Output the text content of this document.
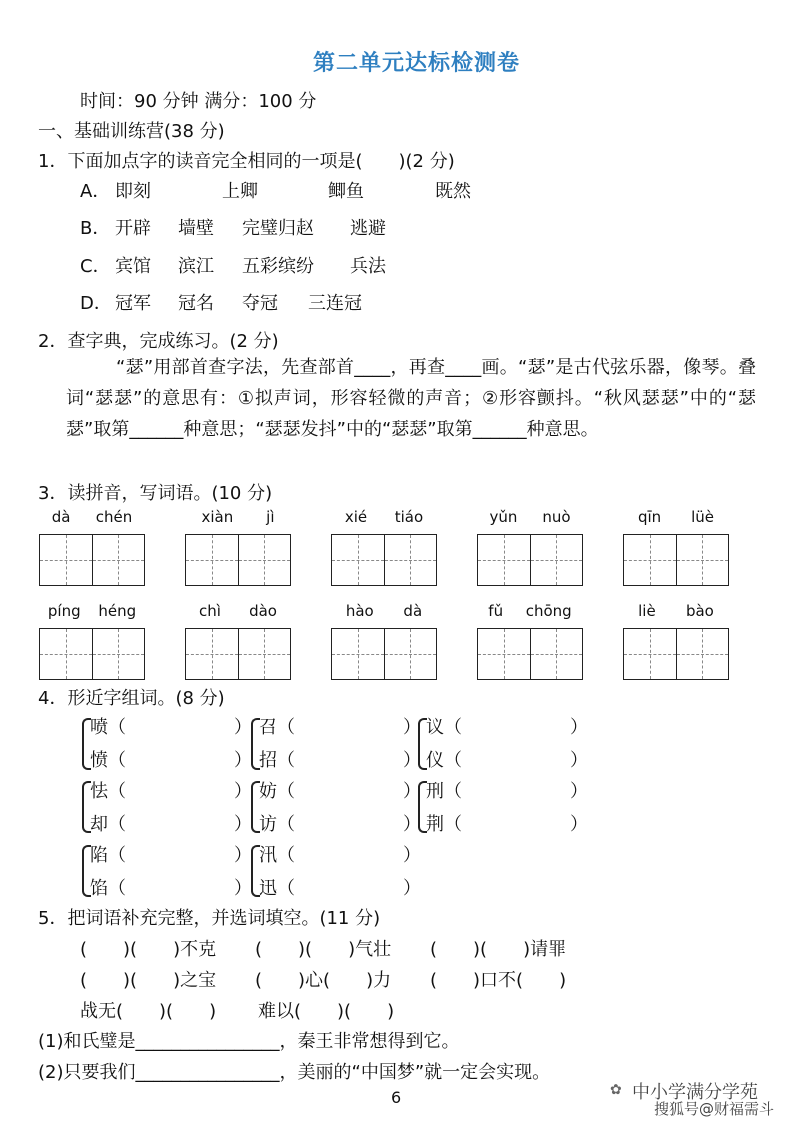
第二单元达标检测卷
时间：90 分钟 满分：100 分
一、基础训练营(38 分)
1．下面加点字的读音完全相同的一项是(　　)(2 分)
A． 即刻	上卿	鲫鱼	既然
B． 开辟 墙壁 完璧归赵 逃避
C． 宾馆 滨江 五彩缤纷 兵法
D． 冠军 冠名 夺冠 三连冠
2．查字典，完成练习。(2 分)
“瑟”用部首查字法，先查部首____，再查____画。“瑟”是古代弦乐器，像琴。叠词“瑟瑟”的意思有：①拟声词，形容轻微的声音；②形容颤抖。“秋风瑟瑟”中的“瑟瑟”取第______种意思；“瑟瑟发抖”中的“瑟瑟”取第______种意思。
3．读拼音，写词语。(10 分)
dà chén	xiàn jì	xié tiáo	yǔn nuò	qīn lüè
píng héng	chì dào	hào dà	fǔ chōng	liè bào
4．形近字组词。(8 分)
喷（　　　　　　）
愤（　　　　　　）
召（　　　　　　）
招（　　　　　　）
议（　　　　　　）
仪（　　　　　　）
怯（　　　　　　）
却（　　　　　　）
妨（　　　　　　）
访（　　　　　　）
刑（　　　　　　）
荆（　　　　　　）
陷（　　　　　　）
馅（　　　　　　）
汛（　　　　　　）
迅（　　　　　　）
5．把词语补充完整，并选词填空。(11 分)
(　　)(　　)不克 (　　)(　　)气壮 (　　)(　　)请罪
(　　)(　　)之宝 (　　)心(　　)力 (　　)口不(　　)
战无(　　)(　　) 难以(　　)(　　)
(1)和氏璧是________________，秦王非常想得到它。
(2)只要我们________________，美丽的“中国梦”就一定会实现。
6	✿ 中小学满分学苑
搜狐号@财福需斗
